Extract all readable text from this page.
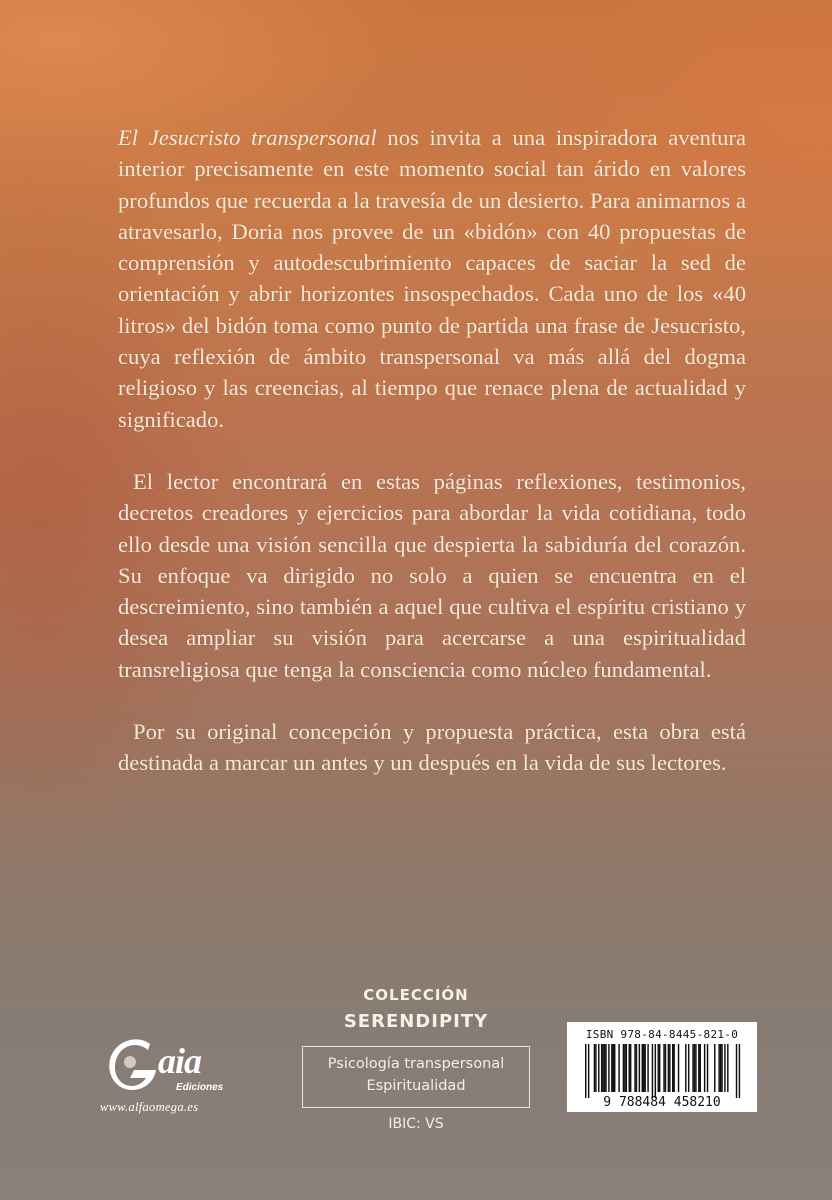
El Jesucristo transpersonal nos invita a una inspiradora aventura interior precisamente en este momento social tan árido en valores profundos que recuerda a la travesía de un desierto. Para animarnos a atravesarlo, Doria nos provee de un «bidón» con 40 propuestas de comprensión y autodescubrimiento capaces de saciar la sed de orientación y abrir horizontes insospechados. Cada uno de los «40 litros» del bidón toma como punto de partida una frase de Jesucristo, cuya reflexión de ámbito transpersonal va más allá del dogma religioso y las creencias, al tiempo que renace plena de actualidad y significado.

El lector encontrará en estas páginas reflexiones, testimonios, decretos creadores y ejercicios para abordar la vida cotidiana, todo ello desde una visión sencilla que despierta la sabiduría del corazón. Su enfoque va dirigido no solo a quien se encuentra en el descreimiento, sino también a aquel que cultiva el espíritu cristiano y desea ampliar su visión para acercarse a una espiritualidad transreligiosa que tenga la consciencia como núcleo fundamental.

Por su original concepción y propuesta práctica, esta obra está destinada a marcar un antes y un después en la vida de sus lectores.

aia
Ediciones
www.alfaomega.es
COLECCIÓN
SERENDIPITY
Psicología transpersonal
Espiritualidad
IBIC: VS
9 788484 458210
ISBN 978-84-8445-821-0
